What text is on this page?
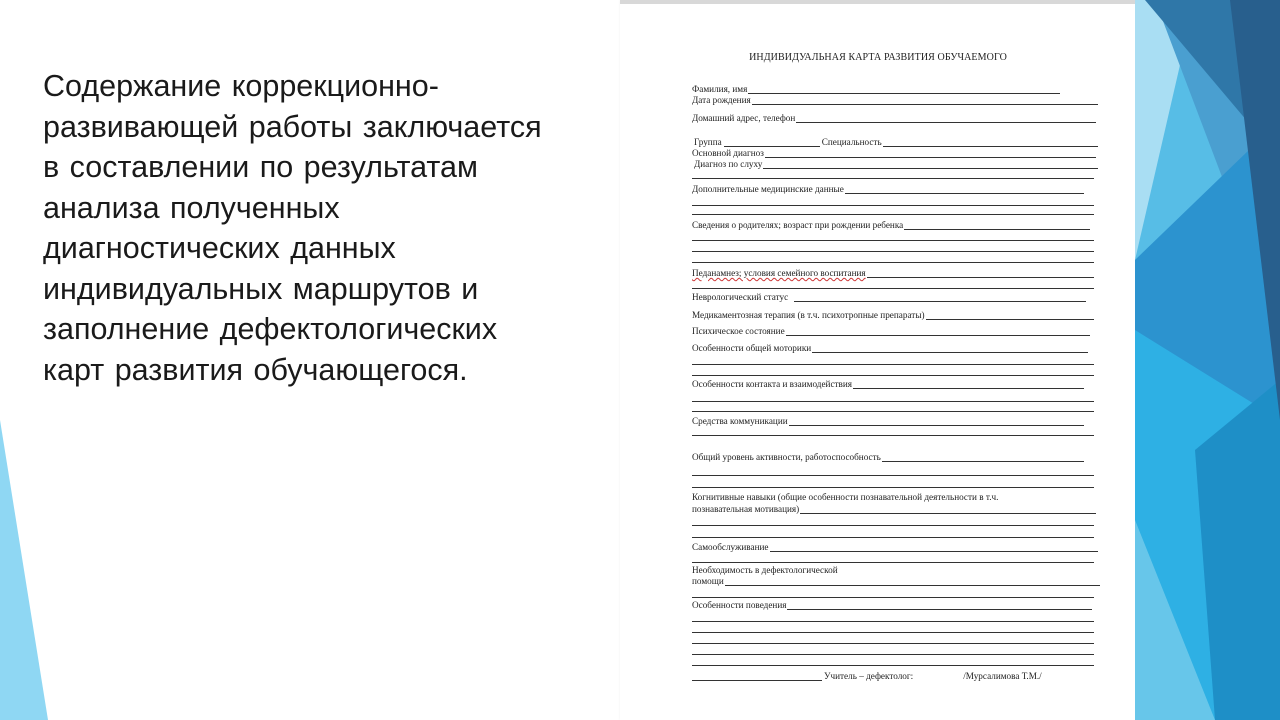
Содержание коррекционно-развивающей работы заключается в составлении по результатам анализа полученных диагностических данных индивидуальных маршрутов и заполнение дефектологических карт развития обучающегося.

ИНДИВИДУАЛЬНАЯ КАРТА РАЗВИТИЯ ОБУЧАЕМОГО
Фамилия, имя
Дата рождения
Домашний адрес, телефон
Группа	Специальность
Основной диагноз
Диагноз по слуху
Дополнительные медицинские данные
Сведения о родителях; возраст при рождении ребенка
Педанамнез; условия семейного воспитания
Неврологический статус
Медикаментозная терапия (в т.ч. психотропные препараты)
Психическое состояние
Особенности общей моторики
Особенности контакта и взаимодействия
Средства коммуникации
Общий уровень активности, работоспособность
Когнитивные навыки (общие особенности познавательной деятельности в т.ч.
познавательная мотивация)
Самообслуживание
Необходимость в дефектологической
помощи
Особенности поведения
Учитель – дефектолог:	/Мурсалимова Т.М./
